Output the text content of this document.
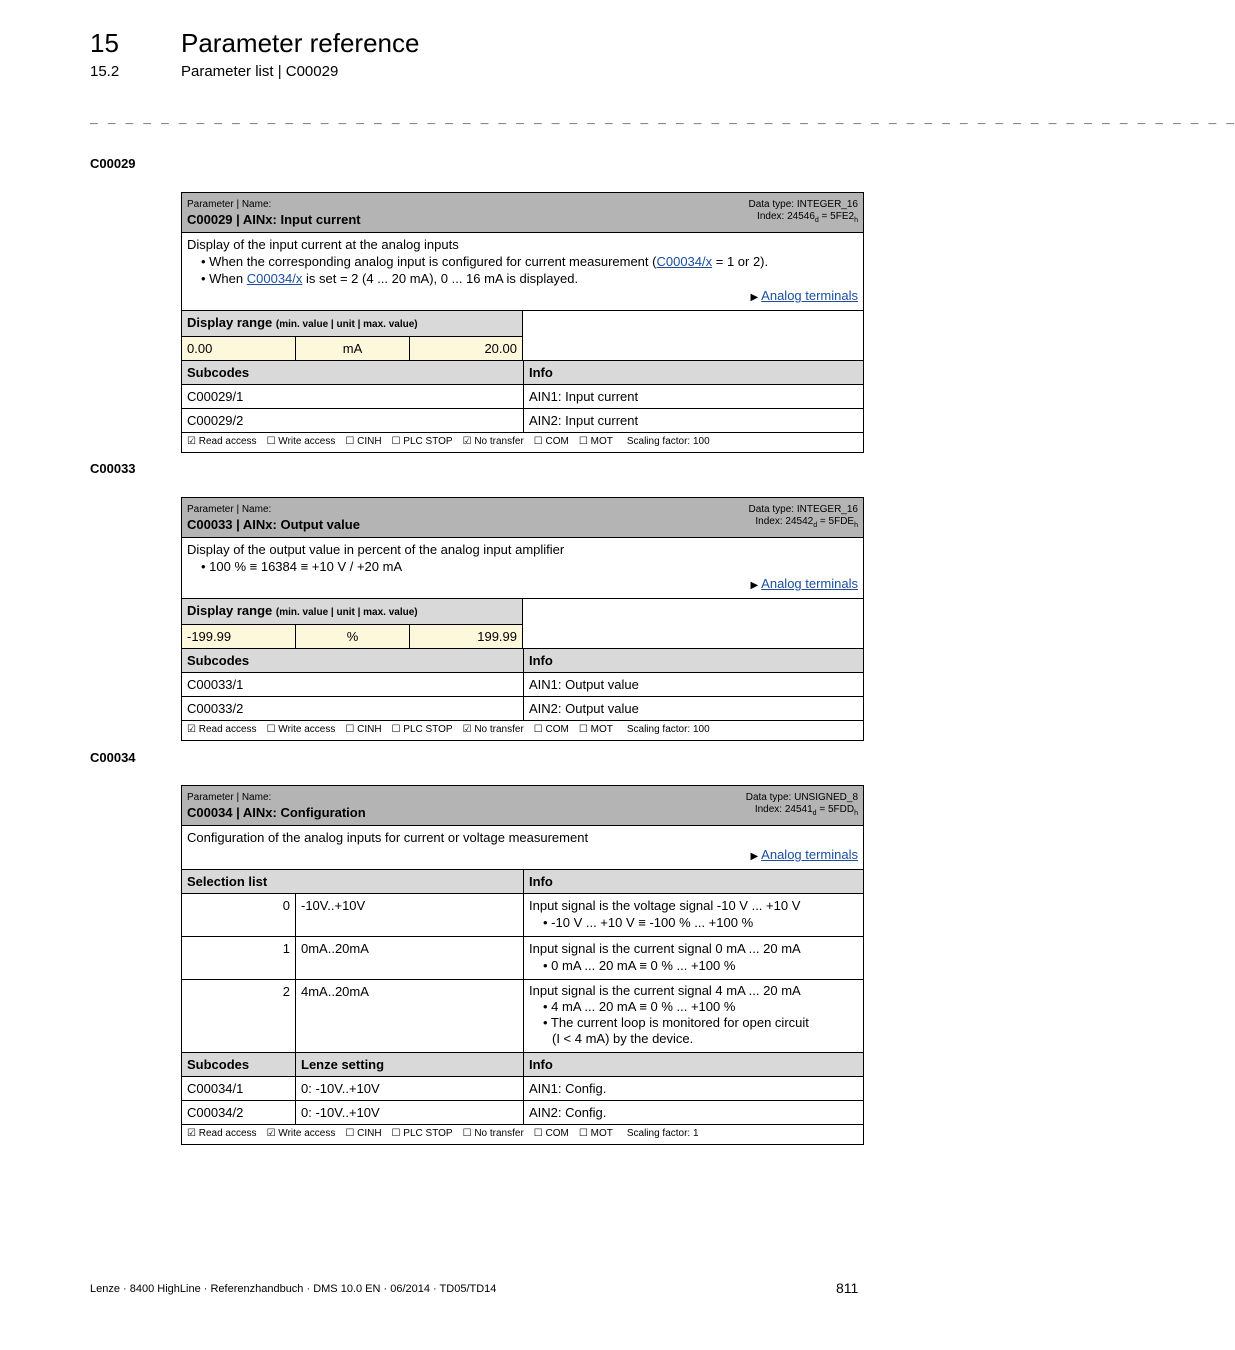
15 Parameter reference
15.2	Parameter list | C00029
_ _ _ _ _ _ _ _ _ _ _ _ _ _ _ _ _ _ _ _ _ _ _ _ _ _ _ _ _ _ _ _ _ _ _ _ _ _ _ _ _ _ _ _ _ _ _ _ _ _ _ _ _ _ _ _ _ _ _ _ _ _ _ _ _
C00029
Parameter | Name:
C00029 | AINx: Input current
Data type: INTEGER_16
Index: $24546_d = 5FE2_h$
Display of the input current at the analog inputs
• When the corresponding analog input is configured for current measurement (C00034/x = 1 or 2).
• When C00034/x is set = 2 (4 ... 20 mA), 0 ... 16 mA is displayed.
▶ Analog terminals
Display range (min. value | unit | max. value)
0.00	mA	20.00
Subcodes	Info
C00029/1	AIN1: Input current
C00029/2	AIN2: Input current
☑ Read access ☐ Write access ☐ CINH ☐ PLC STOP ☑ No transfer ☐ COM ☐ MOT Scaling factor: 100
C00033
Parameter | Name:
C00033 | AINx: Output value
Data type: INTEGER_16
Index: $24542_d = 5FDE_h$
Display of the output value in percent of the analog input amplifier
• 100 % ≡ 16384 ≡ +10 V / +20 mA
▶ Analog terminals
Display range (min. value | unit | max. value)
-199.99	%	199.99
Subcodes	Info
C00033/1	AIN1: Output value
C00033/2	AIN2: Output value
☑ Read access ☐ Write access ☐ CINH ☐ PLC STOP ☑ No transfer ☐ COM ☐ MOT Scaling factor: 100
C00034
Parameter | Name:
C00034 | AINx: Configuration
Data type: UNSIGNED_8
Index: $24541_d = 5FDD_h$
Configuration of the analog inputs for current or voltage measurement
▶ Analog terminals
Selection list	Info
0 -10V..+10V	Input signal is the voltage signal -10 V ... +10 V
• -10 V ... +10 V ≡ -100 % ... +100 %
1 0mA..20mA	Input signal is the current signal 0 mA ... 20 mA
• 0 mA ... 20 mA ≡ 0 % ... +100 %
2 4mA..20mA	Input signal is the current signal 4 mA ... 20 mA
• 4 mA ... 20 mA ≡ 0 % ... +100 %
• The current loop is monitored for open circuit
(I < 4 mA) by the device.
Subcodes	Lenze setting	Info
C00034/1	0: -10V..+10V	AIN1: Config.
C00034/2	0: -10V..+10V	AIN2: Config.
☑ Read access ☑ Write access ☐ CINH ☐ PLC STOP ☐ No transfer ☐ COM ☐ MOT Scaling factor: 1
Lenze · 8400 HighLine · Referenzhandbuch · DMS 10.0 EN · 06/2014 · TD05/TD14	811
